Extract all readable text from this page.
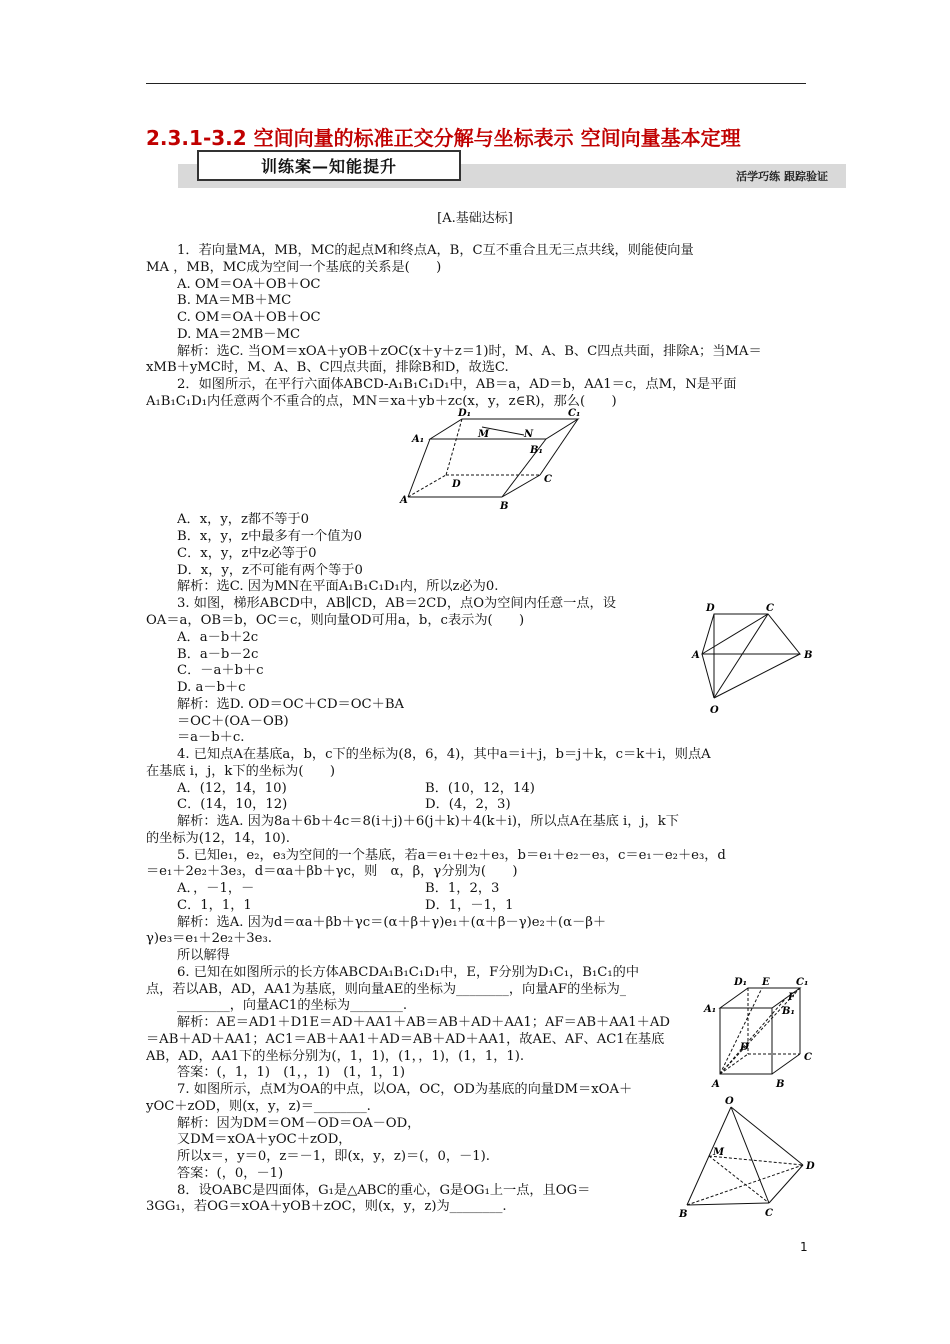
2.3.1-3.2 空间向量的标准正交分解与坐标表示 空间向量基本定理
训练案—知能提升
活学巧练 跟踪验证
[A.基础达标]
1．若向量MA，MB，MC的起点M和终点A，B，C互不重合且无三点共线，则能使向量
MA ，MB，MC成为空间一个基底的关系是(　　)
A. OM＝OA＋OB＋OC
B. MA＝MB＋MC
C. OM＝OA＋OB＋OC
D. MA＝2MB－MC
解析：选C. 当OM＝xOA＋yOB＋zOC(x＋y＋z＝1)时，M、A、B、C四点共面，排除A；当MA＝
xMB＋yMC时，M、A、B、C四点共面，排除B和D，故选C.
2．如图所示，在平行六面体ABCD-A₁B₁C₁D₁中，AB＝a，AD＝b，AA1＝c，点M，N是平面
A₁B₁C₁D₁内任意两个不重合的点，MN＝xa＋yb＋zc(x，y，z∈R)，那么(　　)
D₁	C₁
A₁	M	N
B₁
D	C
A
B
A．x，y，z都不等于0
B．x，y，z中最多有一个值为0
C．x，y，z中z必等于0
D．x，y，z不可能有两个等于0
解析：选C. 因为MN在平面A₁B₁C₁D₁内，所以z必为0.
3. 如图，梯形ABCD中，AB∥CD，AB＝2CD，点O为空间内任意一点，设
OA＝a，OB＝b，OC＝c，则向量OD可用a，b，c表示为(　　)
A．a－b＋2c
B．a－b－2c
C．－a＋b＋c
D. a－b＋c
解析：选D. OD＝OC＋CD＝OC＋BA
＝OC＋(OA－OB)
＝a－b＋c.
D	C
A	B
O
4. 已知点A在基底a，b，c下的坐标为(8，6，4)，其中a＝i＋j，b＝j＋k，c＝k＋i，则点A
在基底 i，j，k下的坐标为(　　)
A．(12，14，10)	B．(10，12，14)
C．(14，10，12)	D．(4，2，3)
解析：选A. 因为8a＋6b＋4c＝8(i＋j)＋6(j＋k)＋4(k＋i)，所以点A在基底 i，j，k下
的坐标为(12，14，10).
5. 已知e₁，e₂，e₃为空间的一个基底，若a＝e₁＋e₂＋e₃，b＝e₁＋e₂－e₃，c＝e₁－e₂＋e₃，d
＝e₁＋2e₂＋3e₃，d＝αa＋βb＋γc，则　α，β，γ分别为(　　)
A．，－1，－	B．1，2，3
C．1，1，1	D．1，－1，1
解析：选A. 因为d＝αa＋βb＋γc＝(α＋β＋γ)e₁＋(α＋β－γ)e₂＋(α－β＋
γ)e₃＝e₁＋2e₂＋3e₃.
所以解得
6. 已知在如图所示的长方体ABCDA₁B₁C₁D₁中，E，F分别为D₁C₁，B₁C₁的中
点，若以AB，AD，AA1为基底，则向量AE的坐标为________，向量AF的坐标为_
________，向量AC1的坐标为________.
解析：AE＝AD1＋D1E＝AD＋AA1＋AB＝AB＋AD＋AA1；AF＝AB＋AA1＋AD
＝AB＋AD＋AA1；AC1＝AB＋AA1＋AD＝AB＋AD＋AA1，故AE、AF、AC1在基底
AB，AD，AA1下的坐标分别为(，1，1)，(1，，1)，(1，1，1).
答案：(，1，1)　(1，，1)　(1，1，1)
D₁ E	C₁
A₁
F
B₁
D
C
A	B
7. 如图所示，点M为OA的中点，以OA，OC，OD为基底的向量DM＝xOA＋
yOC＋zOD，则(x，y，z)＝________.
解析：因为DM＝OM－OD＝OA－OD，
又DM＝xOA＋yOC＋zOD，
所以x＝，y＝0，z＝－1，即(x，y，z)＝(，0，－1).
答案：(，0，－1)
8．设OABC是四面体，G₁是△ABC的重心，G是OG₁上一点，且OG＝
3GG₁，若OG＝xOA＋yOB＋zOC，则(x，y，z)为________.
O
M
D
B	C
1
